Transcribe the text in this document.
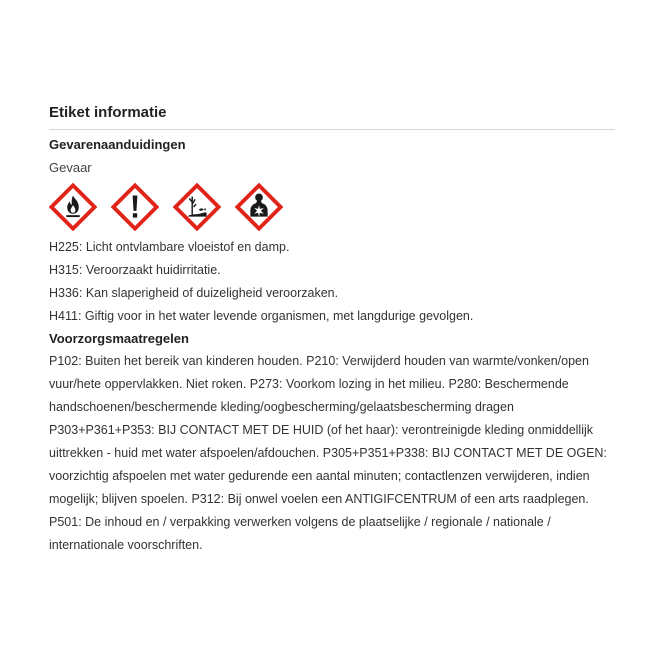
Etiket informatie
Gevarenaanduidingen

Gevaar

H225: Licht ontvlambare vloeistof en damp.
H315: Veroorzaakt huidirritatie.
H336: Kan slaperigheid of duizeligheid veroorzaken.
H411: Giftig voor in het water levende organismen, met langdurige gevolgen.
Voorzorgsmaatregelen

P102: Buiten het bereik van kinderen houden. P210: Verwijderd houden van warmte/vonken/open vuur/hete oppervlakken. Niet roken. P273: Voorkom lozing in het milieu. P280: Beschermende handschoenen/beschermende kleding/oogbescherming/gelaatsbescherming dragen P303+P361+P353: BIJ CONTACT MET DE HUID (of het haar): verontreinigde kleding onmiddellijk uittrekken - huid met water afspoelen/afdouchen. P305+P351+P338: BIJ CONTACT MET DE OGEN: voorzichtig afspoelen met water gedurende een aantal minuten; contactlenzen verwijderen, indien mogelijk; blijven spoelen. P312: Bij onwel voelen een ANTIGIFCENTRUM of een arts raadplegen. P501: De inhoud en / verpakking verwerken volgens de plaatselijke / regionale / nationale / internationale voorschriften.
